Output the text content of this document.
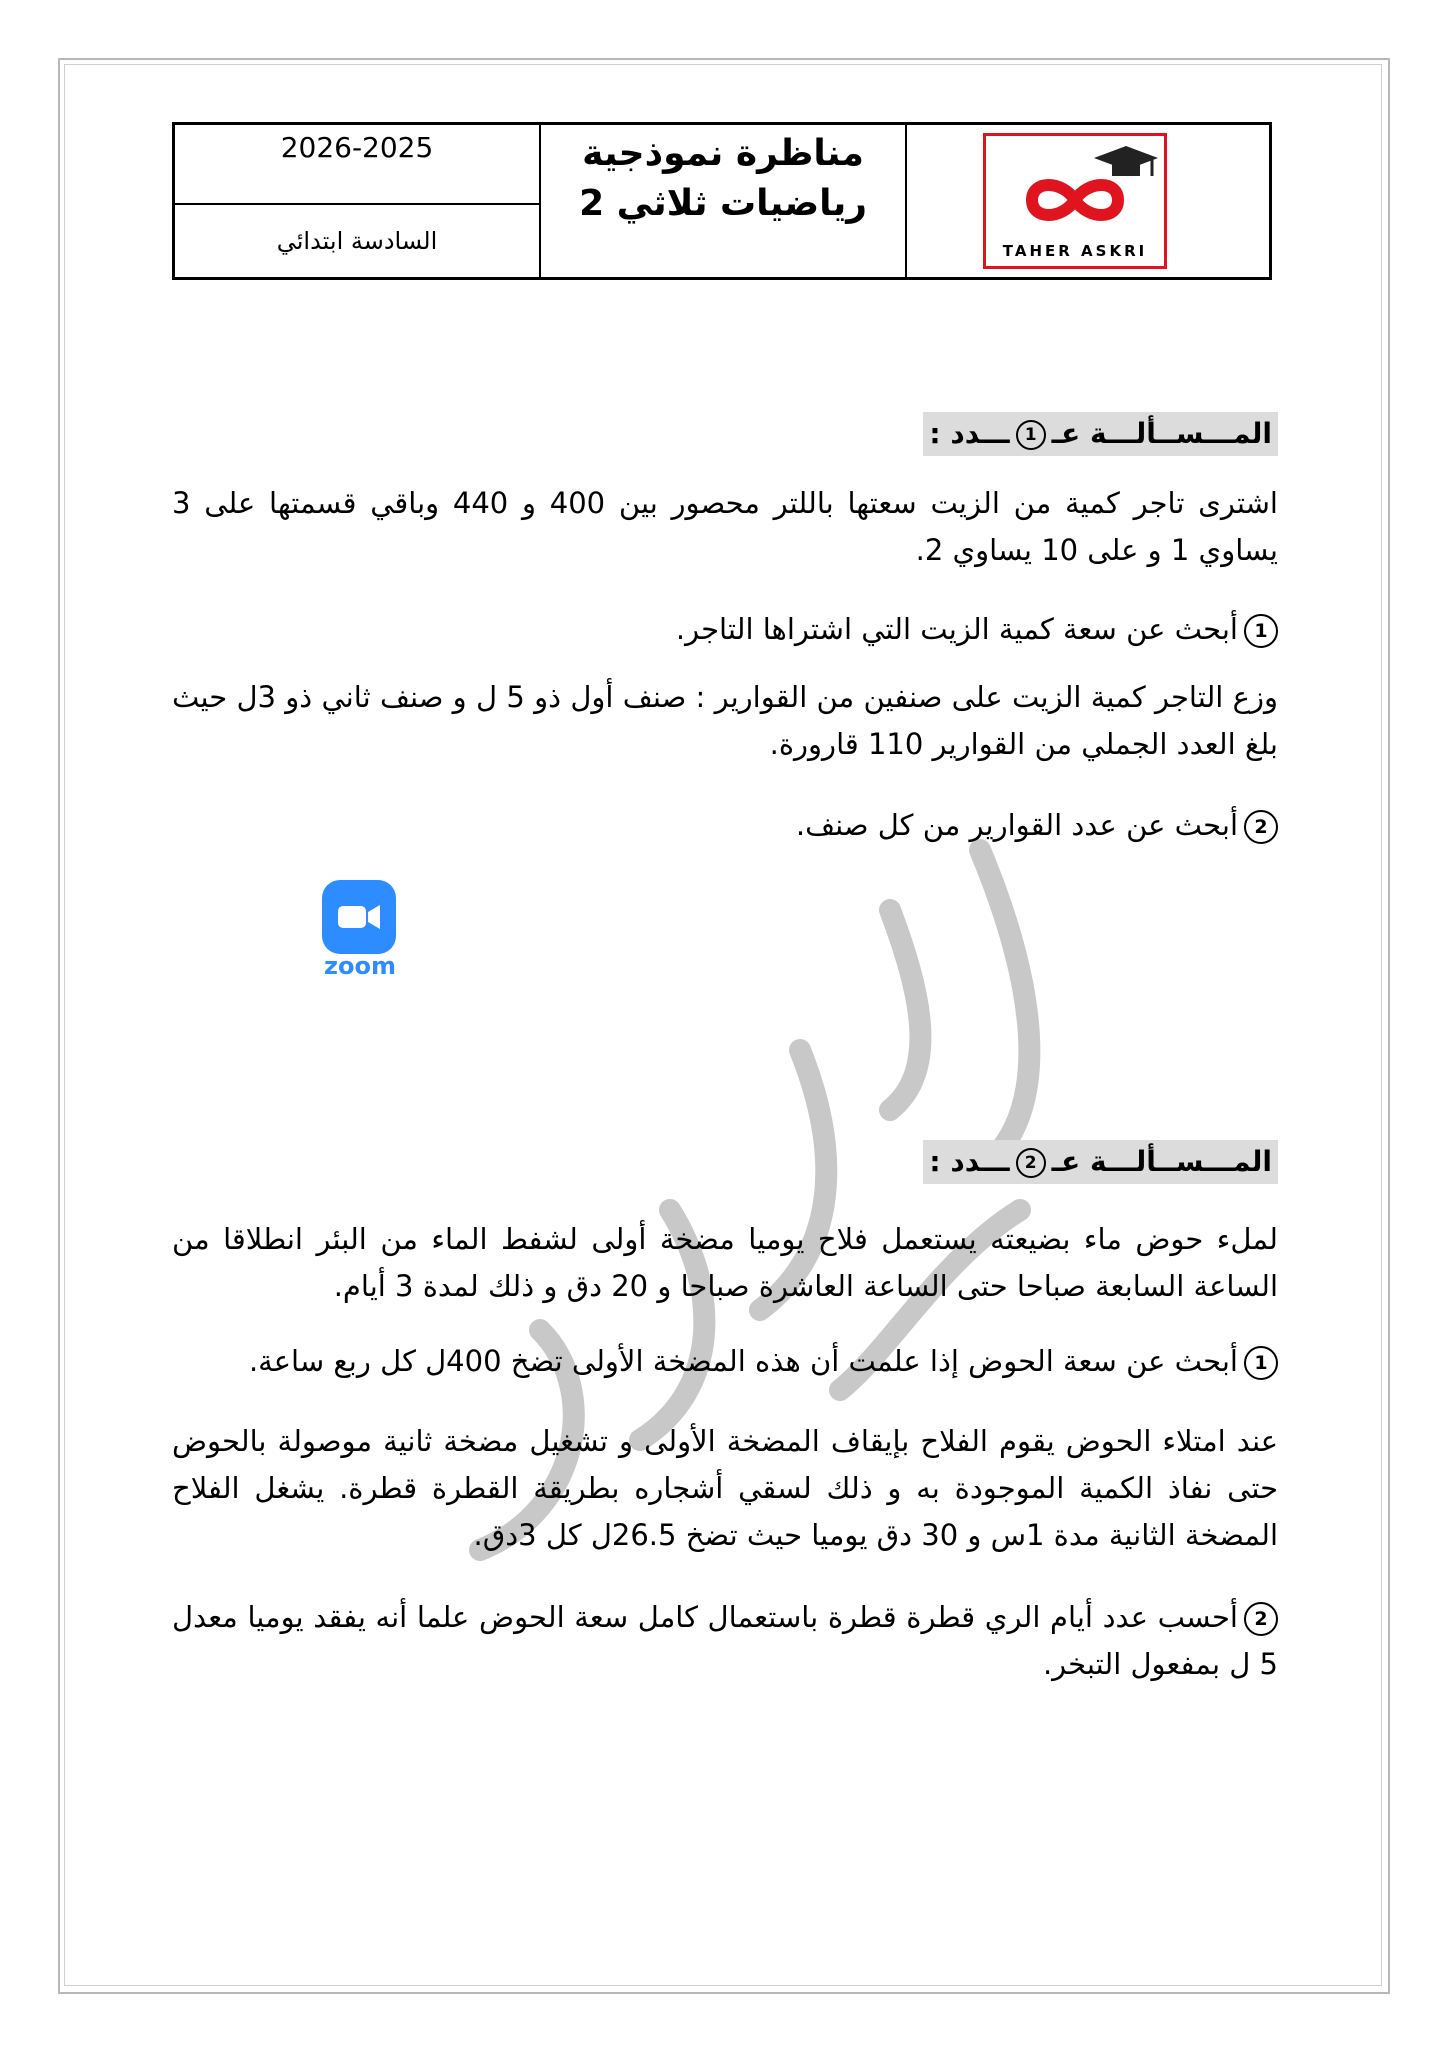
2026-2025
السادسة ابتدائي
مناظرة نموذجية
رياضيات ثلاثي 2
TAHER ASKRI
المـــســألـــة عـ1ـــدد :

اشترى تاجر كمية من الزيت سعتها باللتر محصور بين 400 و 440 وباقي قسمتها على 3 يساوي 1 و على 10 يساوي 2.

1أبحث عن سعة كمية الزيت التي اشتراها التاجر.

وزع التاجر كمية الزيت على صنفين من القوارير : صنف أول ذو 5 ل و صنف ثاني ذو 3ل حيث بلغ العدد الجملي من القوارير 110 قارورة.

2أبحث عن عدد القوارير من كل صنف.

zoom
المـــســألـــة عـ2ـــدد :

لملء حوض ماء بضيعته يستعمل فلاح يوميا مضخة أولى لشفط الماء من البئر انطلاقا من الساعة السابعة صباحا حتى الساعة العاشرة صباحا و 20 دق و ذلك لمدة 3 أيام.

1أبحث عن سعة الحوض إذا علمت أن هذه المضخة الأولى تضخ 400ل كل ربع ساعة.

عند امتلاء الحوض يقوم الفلاح بإيقاف المضخة الأولى و تشغيل مضخة ثانية موصولة بالحوض حتى نفاذ الكمية الموجودة به و ذلك لسقي أشجاره بطريقة القطرة قطرة. يشغل الفلاح المضخة الثانية مدة 1س و 30 دق يوميا حيث تضخ 26.5ل كل 3دق.

2أحسب عدد أيام الري قطرة قطرة باستعمال كامل سعة الحوض علما أنه يفقد يوميا معدل 5 ل بمفعول التبخر.
